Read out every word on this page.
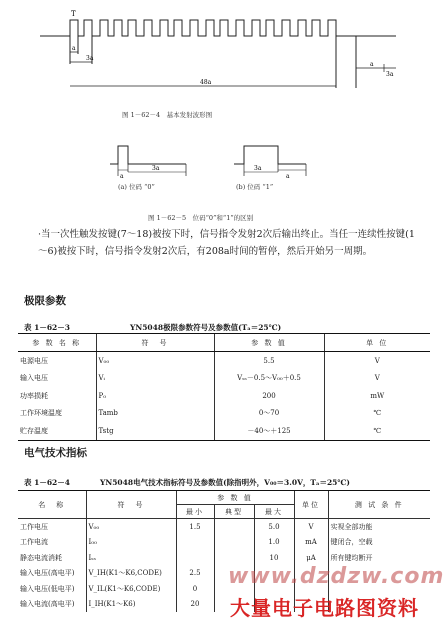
T
3a
a
48a
a
3a
图 1－62－4　基本发射波形图
a
3a	3a
a
(a) 位码 “0”	(b) 位码 “1”
图 1－62－5　位码“0”和“1”的区别
·当一次性触发按键(7～18)被按下时，信号指令发射2次后输出终止。当任一连续性按键(1～6)被按下时，信号指令发射2次后，有208a时间的暂停，然后开始另一周期。
极限参数
表 1－62－3	YN5048极限参数符号及参数值(Tₐ＝25℃)
参 数 名 称	符　号	参 数 值	单 位
电源电压	V₀₀	5.5	V
输入电压	Vᵢ	Vₛₛ－0.5～V₀₀＋0.5	V
功率损耗	P₀	200	mW
工作环境温度	Tamb	0～70	℃
贮存温度	Tstg	－40～＋125	℃
电气技术指标
表 1－62－4	YN5048电气技术指标符号及参数值(除指明外，V₀₀＝3.0V，Tₐ＝25℃)
名　称	符　号	参 数 值			单位	测 试 条 件
		最小	典型	最大		
工作电压	V₀₀	1.5		5.0	V	实视全部功能
工作电流	I₀₀			1.0	mA	键闭合，空载
静态电流消耗	Iₛₛ			10	μA	所有键均断开
输入电压(高电平)	V_IH(K1～K6,CODE)	2.5				
输入电压(低电平)	V_IL(K1～K6,CODE)	0				
输入电流(高电平)	I_IH(K1～K6)	20				
www.dzdzw.com
大量电子电路图资料
